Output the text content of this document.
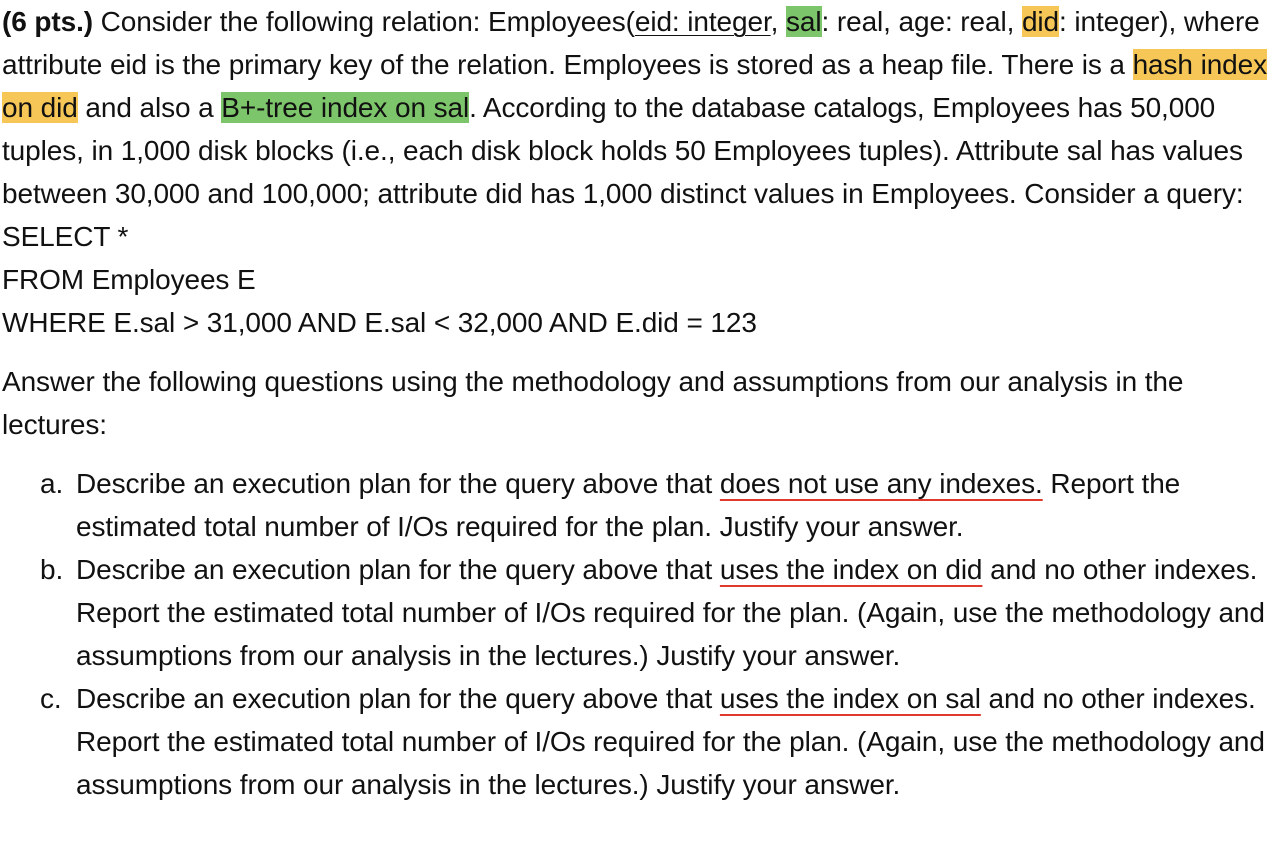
(6 pts.) Consider the following relation: Employees(eid: integer, sal: real, age: real, did: integer), where attribute eid is the primary key of the relation. Employees is stored as a heap file. There is a hash index on did and also a B+-tree index on sal. According to the database catalogs, Employees has 50,000 tuples, in 1,000 disk blocks (i.e., each disk block holds 50 Employees tuples). Attribute sal has values between 30,000 and 100,000; attribute did has 1,000 distinct values in Employees. Consider a query:

SELECT *
FROM Employees E
WHERE E.sal > 31,000 AND E.sal < 32,000 AND E.did = 123

Answer the following questions using the methodology and assumptions from our analysis in the lectures:

a. Describe an execution plan for the query above that does not use any indexes. Report the estimated total number of I/Os required for the plan. Justify your answer.
b. Describe an execution plan for the query above that uses the index on did and no other indexes. Report the estimated total number of I/Os required for the plan. (Again, use the methodology and assumptions from our analysis in the lectures.) Justify your answer.
c. Describe an execution plan for the query above that uses the index on sal and no other indexes. Report the estimated total number of I/Os required for the plan. (Again, use the methodology and assumptions from our analysis in the lectures.) Justify your answer.
